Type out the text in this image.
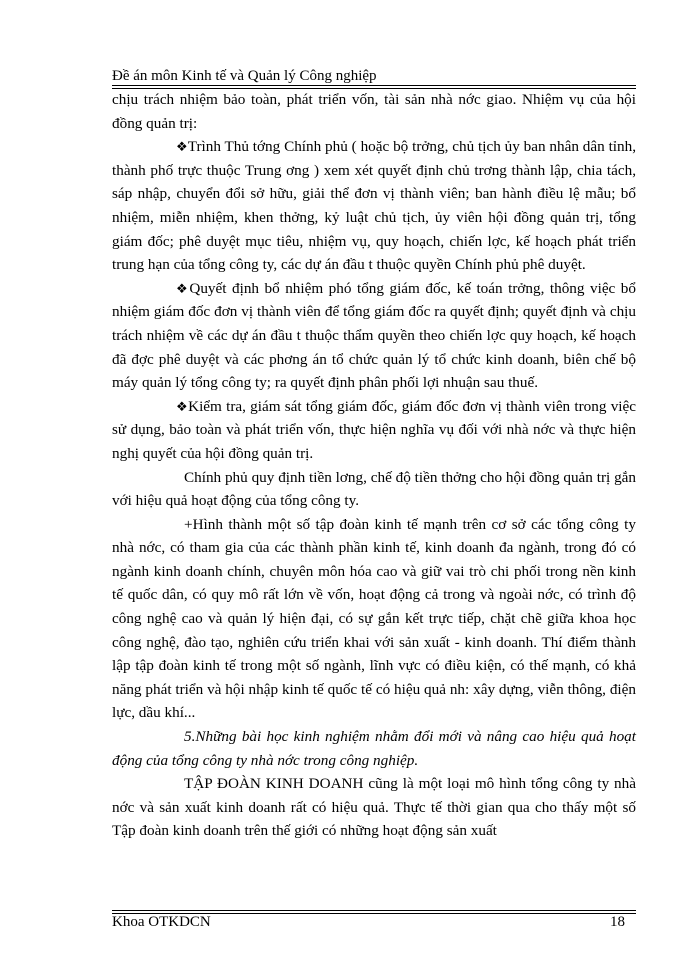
Đề án môn Kinh tế và Quản lý Công nghiệp

chịu trách nhiệm bảo toàn, phát triển vốn, tài sản nhà nớc giao. Nhiệm vụ của hội đồng quản trị:

❖Trình Thủ tớng Chính phủ ( hoặc bộ trởng, chủ tịch ủy ban nhân dân tỉnh, thành phố trực thuộc Trung ơng ) xem xét quyết định chủ trơng thành lập, chia tách, sáp nhập, chuyển đổi sở hữu, giải thể đơn vị thành viên; ban hành điều lệ mẫu; bổ nhiệm, miễn nhiệm, khen thởng, kỷ luật chủ tịch, ủy viên hội đồng quản trị, tổng giám đốc; phê duyệt mục tiêu, nhiệm vụ, quy hoạch, chiến lợc, kế hoạch phát triển trung hạn của tổng công ty, các dự án đầu t thuộc quyền Chính phủ phê duyệt.

❖Quyết định bổ nhiệm phó tổng giám đốc, kế toán trởng, thông việc bổ nhiệm giám đốc đơn vị thành viên để tổng giám đốc ra quyết định; quyết định và chịu trách nhiệm về các dự án đầu t thuộc thẩm quyền theo chiến lợc quy hoạch, kế hoạch đã đợc phê duyệt và các phơng án tổ chức quản lý tổ chức kinh doanh, biên chế bộ máy quản lý tổng công ty; ra quyết định phân phối lợi nhuận sau thuế.

❖Kiểm tra, giám sát tổng giám đốc, giám đốc đơn vị thành viên trong việc sử dụng, bảo toàn và phát triển vốn, thực hiện nghĩa vụ đối với nhà nớc và thực hiện nghị quyết của hội đồng quản trị.

Chính phủ quy định tiền lơng, chế độ tiền thởng cho hội đồng quản trị gắn với hiệu quả hoạt động của tổng công ty.

+Hình thành một số tập đoàn kinh tế mạnh trên cơ sở các tổng công ty nhà nớc, có tham gia của các thành phần kinh tế, kinh doanh đa ngành, trong đó có ngành kinh doanh chính, chuyên môn hóa cao và giữ vai trò chi phối trong nền kinh tế quốc dân, có quy mô rất lớn về vốn, hoạt động cả trong và ngoài nớc, có trình độ công nghệ cao và quản lý hiện đại, có sự gắn kết trực tiếp, chặt chẽ giữa khoa học công nghệ, đào tạo, nghiên cứu triển khai với sản xuất - kinh doanh. Thí điểm thành lập tập đoàn kinh tế trong một số ngành, lĩnh vực có điều kiện, có thế mạnh, có khả năng phát triển và hội nhập kinh tế quốc tế có hiệu quả nh: xây dựng, viễn thông, điện lực, dầu khí...

5.Những bài học kinh nghiệm nhằm đổi mới và nâng cao hiệu quả hoạt động của tổng công ty nhà nớc trong công nghiệp.

TẬP ĐOÀN KINH DOANH cũng là một loại mô hình tổng công ty nhà nớc và sản xuất kinh doanh rất có hiệu quả. Thực tế thời gian qua cho thấy một số Tập đoàn kinh doanh trên thế giới có những hoạt động sản xuất

Khoa OTKDCN	18
